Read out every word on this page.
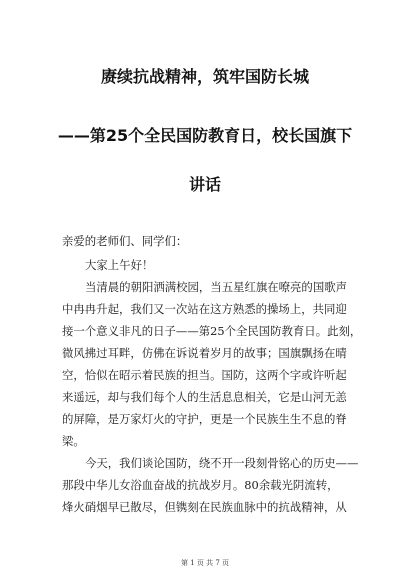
赓续抗战精神，筑牢国防长城
——第25个全民国防教育日，校长国旗下
讲话
亲爱的老师们、同学们：
大家上午好！
当清晨的朝阳洒满校园，当五星红旗在嘹亮的国歌声
中冉冉升起，我们又一次站在这方熟悉的操场上，共同迎
接一个意义非凡的日子——第25个全民国防教育日。此刻，
微风拂过耳畔，仿佛在诉说着岁月的故事；国旗飘扬在晴
空，恰似在昭示着民族的担当。国防，这两个字或许听起
来遥远，却与我们每个人的生活息息相关，它是山河无恙
的屏障，是万家灯火的守护，更是一个民族生生不息的脊
梁。
今天，我们谈论国防，绕不开一段刻骨铭心的历史——
那段中华儿女浴血奋战的抗战岁月。80余载光阴流转，
烽火硝烟早已散尽，但镌刻在民族血脉中的抗战精神，从
第 1 页 共 7 页
